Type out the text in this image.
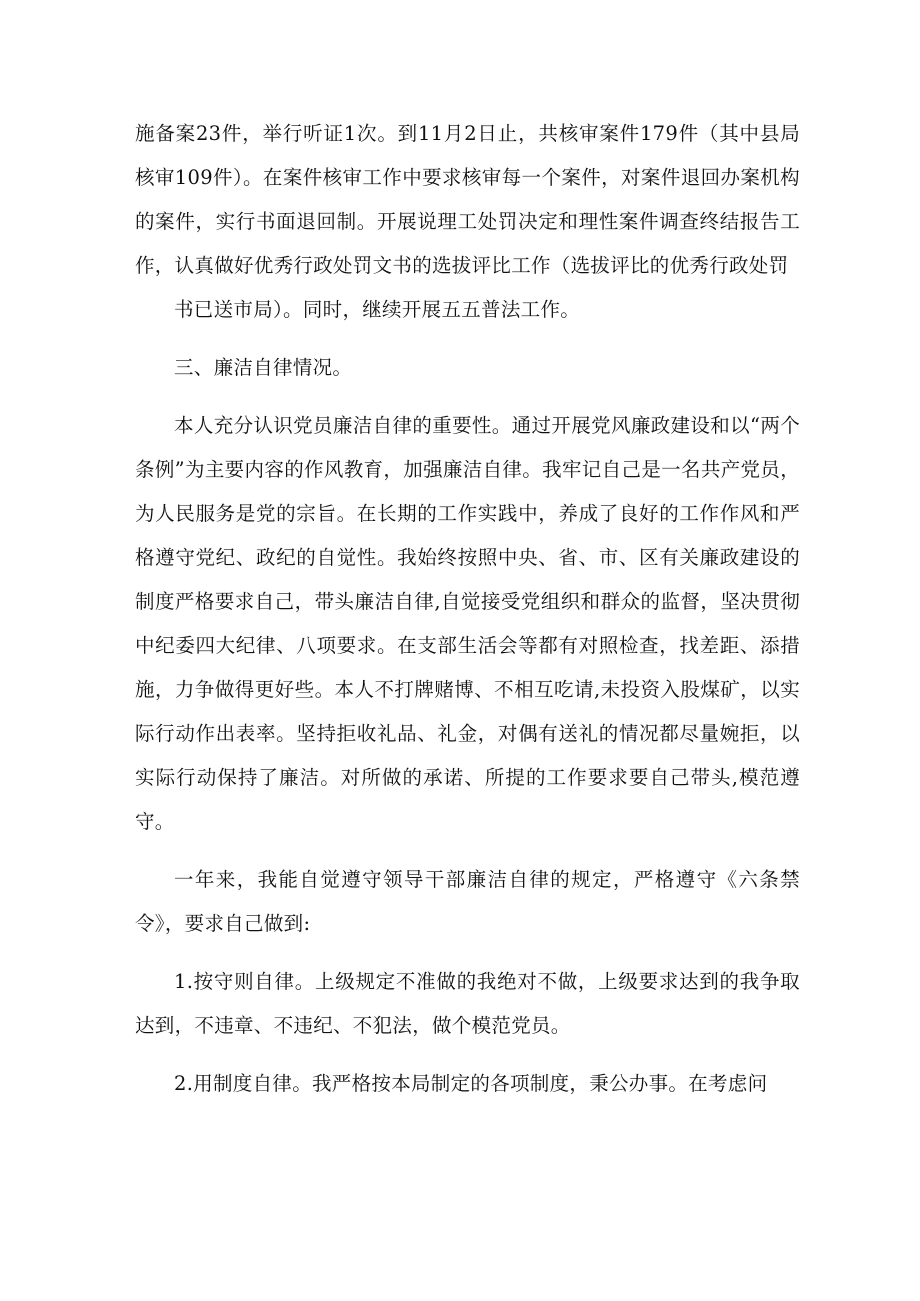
施备案23件，举行听证1次。到11月2日止，共核审案件179件（其中县局核审109件）。在案件核审工作中要求核审每一个案件，对案件退回办案机构的案件，实行书面退回制。开展说理工处罚决定和理性案件调查终结报告工作，认真做好优秀行政处罚文书的选拔评比工作（选拔评比的优秀行政处罚

书已送市局）。同时，继续开展五五普法工作。

三、廉洁自律情况。

本人充分认识党员廉洁自律的重要性。通过开展党风廉政建设和以“两个条例”为主要内容的作风教育，加强廉洁自律。我牢记自己是一名共产党员，为人民服务是党的宗旨。在长期的工作实践中，养成了良好的工作作风和严格遵守党纪、政纪的自觉性。我始终按照中央、省、市、区有关廉政建设的制度严格要求自己，带头廉洁自律,自觉接受党组织和群众的监督，坚决贯彻中纪委四大纪律、八项要求。在支部生活会等都有对照检查，找差距、添措施，力争做得更好些。本人不打牌赌博、不相互吃请,未投资入股煤矿，以实际行动作出表率。坚持拒收礼品、礼金，对偶有送礼的情况都尽量婉拒，以实际行动保持了廉洁。对所做的承诺、所提的工作要求要自己带头,模范遵守。

一年来，我能自觉遵守领导干部廉洁自律的规定，严格遵守《六条禁令》，要求自己做到:

1.按守则自律。上级规定不准做的我绝对不做，上级要求达到的我争取达到，不违章、不违纪、不犯法，做个模范党员。

2.用制度自律。我严格按本局制定的各项制度，秉公办事。在考虑问
